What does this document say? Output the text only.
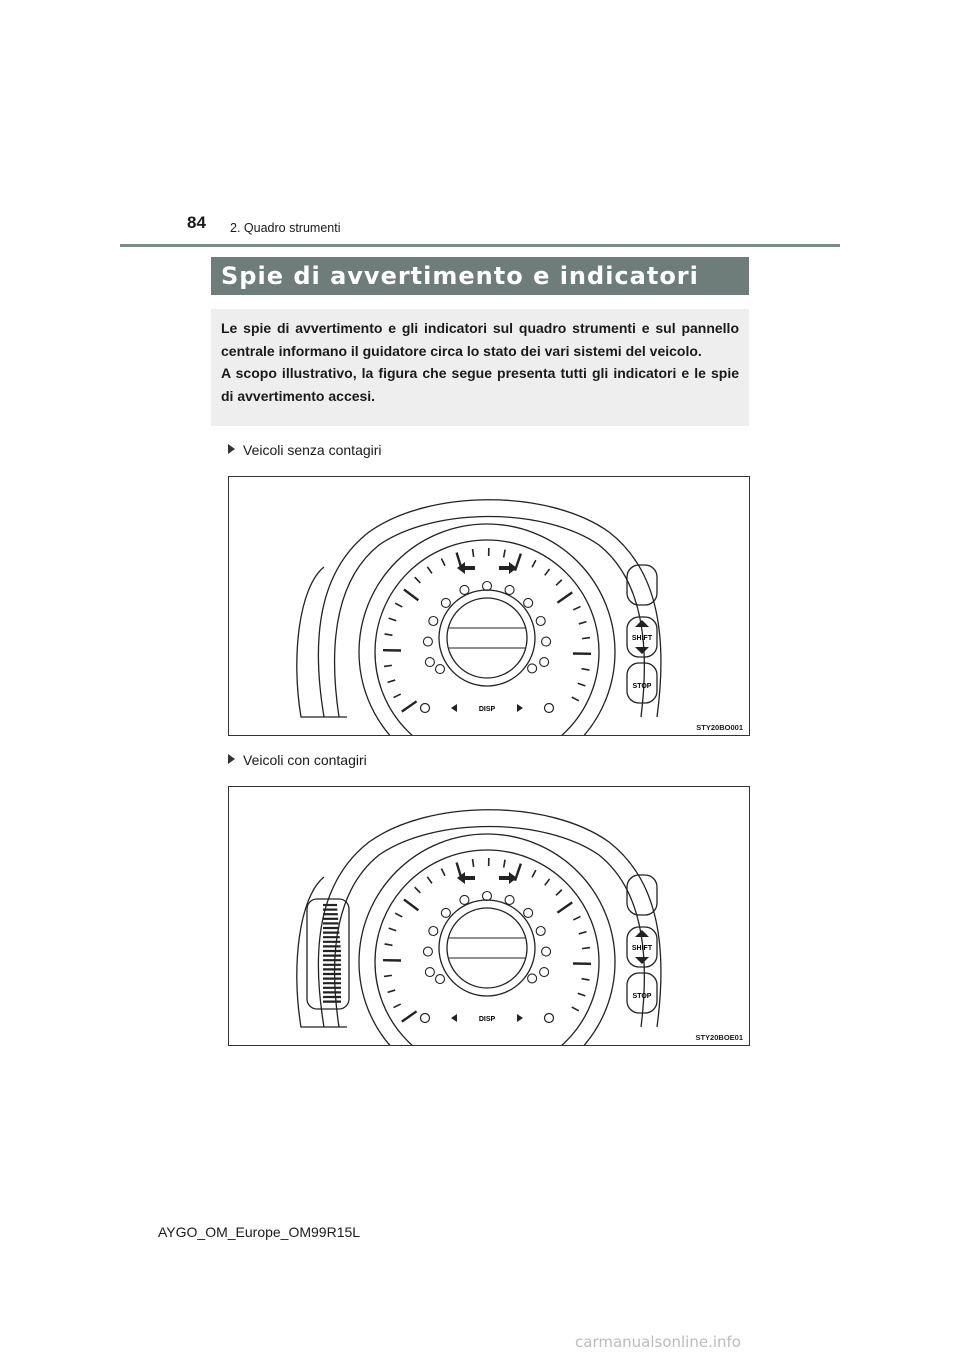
84 2. Quadro strumenti
Spie di avvertimento e indicatori

Le spie di avvertimento e gli indicatori sul quadro strumenti e sul pannello centrale informano il guidatore circa lo stato dei vari sistemi del veicolo.

A scopo illustrativo, la figura che segue presenta tutti gli indicatori e le spie di avvertimento accesi.

Veicoli senza contagiri
SHIFT
STOP
DISP
STY20BO001
Veicoli con contagiri
SHIFT
STOP
DISP
STY20BOE01
AYGO_OM_Europe_OM99R15L
carmanualsonline.info
